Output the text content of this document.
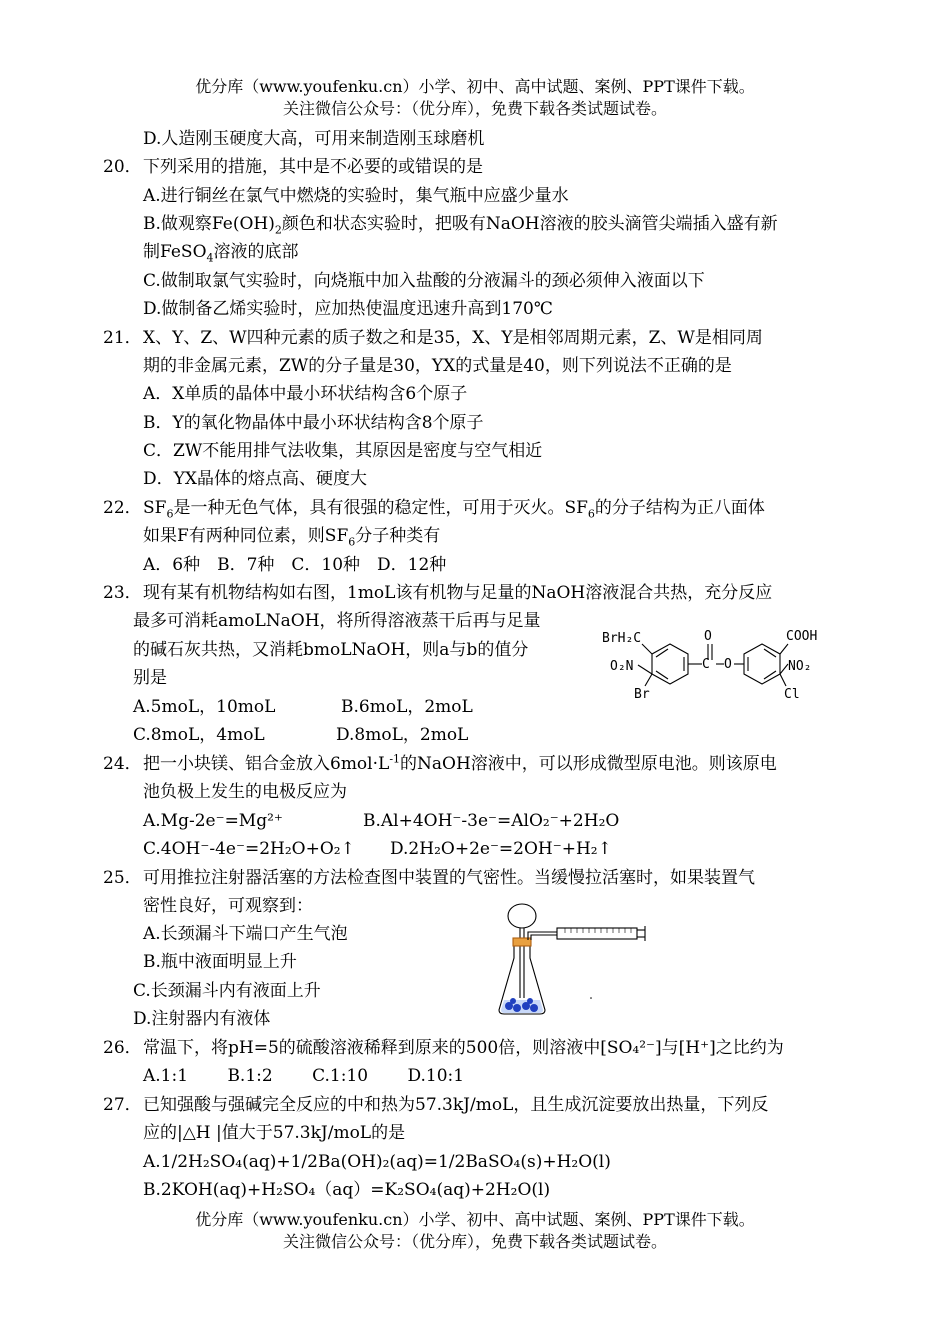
优分库（www.youfenku.cn）小学、初中、高中试题、案例、PPT课件下载。
关注微信公众号：（优分库），免费下载各类试题试卷。
D.人造刚玉硬度大高，可用来制造刚玉球磨机
20． 下列采用的措施，其中是不必要的或错误的是
A.进行铜丝在氯气中燃烧的实验时，集气瓶中应盛少量水
B.做观察$Fe(OH)_2$颜色和状态实验时，把吸有NaOH溶液的胶头滴管尖端插入盛有新
制FeSO$_4$溶液的底部
C.做制取氯气实验时，向烧瓶中加入盐酸的分液漏斗的颈必须伸入液面以下
D.做制备乙烯实验时，应加热使温度迅速升高到170℃
21． X、Y、Z、W四种元素的质子数之和是35，X、Y是相邻周期元素，Z、W是相同周
期的非金属元素，ZW的分子量是30，YX的式量是40，则下列说法不正确的是
A．X单质的晶体中最小环状结构含6个原子
B．Y的氧化物晶体中最小环状结构含8个原子
C．ZW不能用排气法收集，其原因是密度与空气相近
D．YX晶体的熔点高、硬度大
22． $SF_6$是一种无色气体，具有很强的稳定性，可用于灭火。$SF_6$的分子结构为正八面体
如果F有两种同位素，则$SF_6$分子种类有
A．6种　B．7种　C．10种　D．12种
23． 现有某有机物结构如右图，1moL该有机物与足量的NaOH溶液混合共热，充分反应
最多可消耗amoLNaOH，将所得溶液蒸干后再与足量
的碱石灰共热，又消耗bmoLNaOH，则a与b的值分
别是
A.5moL，10moL	B.6moL，2moL
C.8moL，4moL	D.8moL，2moL
BrH₂C
O₂N
Br
O
C O
COOH
NO₂
Cl
24． 把一小块镁、铝合金放入$6mol\cdot L^{-1}$的NaOH溶液中，可以形成微型原电池。则该原电
池负极上发生的电极反应为
A.Mg-2e⁻=Mg²⁺	B.Al+4OH⁻-3e⁻=AlO₂⁻+2H₂O
C.4OH⁻-4e⁻=2H₂O+O₂↑ D.2H₂O+2e⁻=2OH⁻+H₂↑
25． 可用推拉注射器活塞的方法检查图中装置的气密性。当缓慢拉活塞时，如果装置气
密性良好，可观察到：
A.长颈漏斗下端口产生气泡
B.瓶中液面明显上升
C.长颈漏斗内有液面上升
D.注射器内有液体
26． 常温下，将pH=5的硫酸溶液稀释到原来的500倍，则溶液中[SO₄²⁻]与[H⁺]之比约为
A.1:1　　 B.1:2　　 C.1:10　　 D.10:1
27． 已知强酸与强碱完全反应的中和热为57.3kJ/moL，且生成沉淀要放出热量，下列反
应的|△H |值大于57.3kJ/moL的是
A.1/2H₂SO₄(aq)+1/2Ba(OH)₂(aq)=1/2BaSO₄(s)+H₂O(l)
B.2KOH(aq)+H₂SO₄（aq）=K₂SO₄(aq)+2H₂O(l)
优分库（www.youfenku.cn）小学、初中、高中试题、案例、PPT课件下载。
关注微信公众号：（优分库），免费下载各类试题试卷。
